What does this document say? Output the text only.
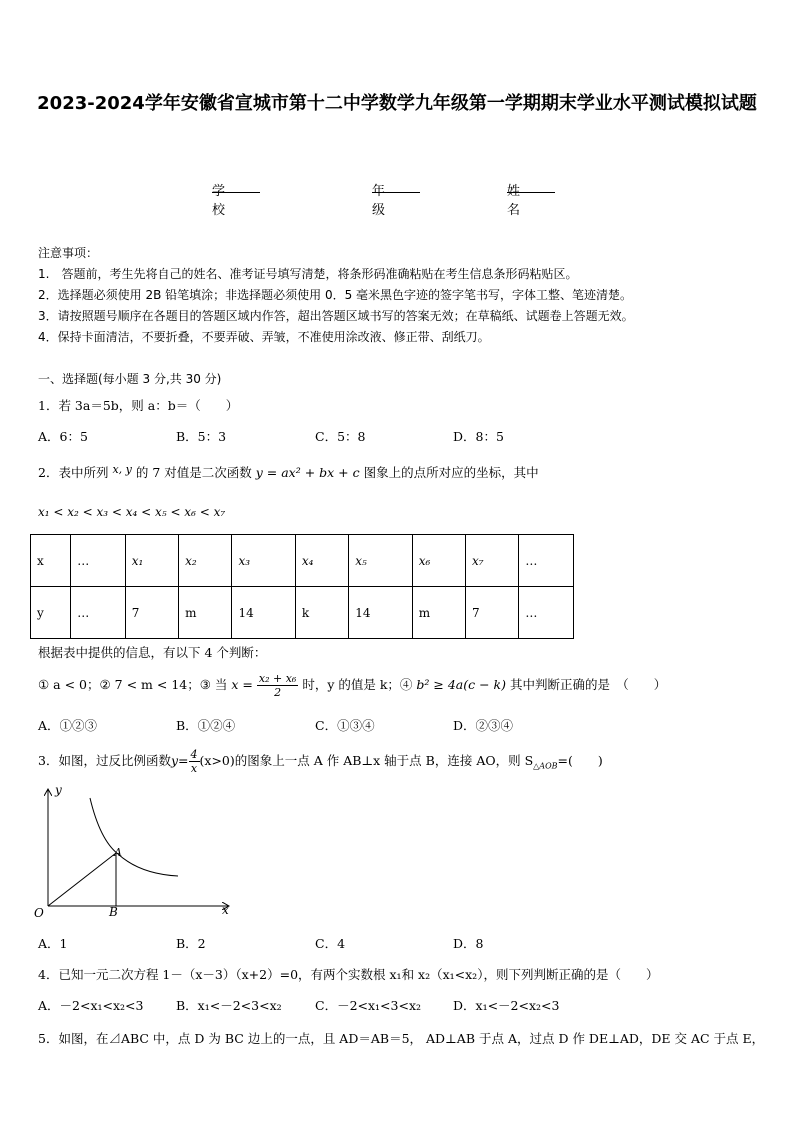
2023-2024学年安徽省宣城市第十二中学数学九年级第一学期期末学业水平测试模拟试题
学校
年级
姓名
注意事项：
1.　答题前，考生先将自己的姓名、准考证号填写清楚，将条形码准确粘贴在考生信息条形码粘贴区。
2．选择题必须使用 2B 铅笔填涂；非选择题必须使用 0．5 毫米黑色字迹的签字笔书写，字体工整、笔迹清楚。
3．请按照题号顺序在各题目的答题区域内作答，超出答题区域书写的答案无效；在草稿纸、试题卷上答题无效。
4．保持卡面清洁，不要折叠，不要弄破、弄皱，不准使用涂改液、修正带、刮纸刀。
一、选择题(每小题 3 分,共 30 分)
1．若 3a＝5b，则 a：b＝（　　）
A．6：5	B．5：3	C．5：8	D．8：5
2．表中所列 x, y 的 7 对值是二次函数 y = ax² + bx + c 图象上的点所对应的坐标，其中
x₁ < x₂ < x₃ < x₄ < x₅ < x₆ < x₇
x	…	x₁	x₂	x₃	x₄	x₅	x₆	x₇	…
y	…	7	m	14	k	14	m	7	…
根据表中提供的信息，有以下 4 个判断：
① a < 0；② 7 < m < 14；③ 当 $x = \frac{\text{x₂ + x₆}}{2}$ 时，y 的值是 k；④ b² ≥ 4a(c − k) 其中判断正确的是　（　　）
A．①②③	B．①②④	C．①③④	D．②③④
3．如图，过反比例函数$y= \frac{4}{x} (x>0)$的图象上一点 A 作 AB⊥x 轴于点 B，连接 AO，则 $S_{\triangle AOB}=$(　　)
y
x
O
A
B
A．1	B．2	C．4	D．8
4．已知一元二次方程 1－（x－3）（x+2）=0，有两个实数根 x₁和 x₂（x₁<x₂），则下列判断正确的是（　　）
A．－2<x₁<x₂<3	B．x₁<－2<3<x₂	C．－2<x₁<3<x₂	D．x₁<－2<x₂<3
5．如图，在⊿ABC 中，点 D 为 BC 边上的一点，且 AD＝AB＝5， AD⊥AB 于点 A，过点 D 作 DE⊥AD，DE 交 AC 于点 E，
